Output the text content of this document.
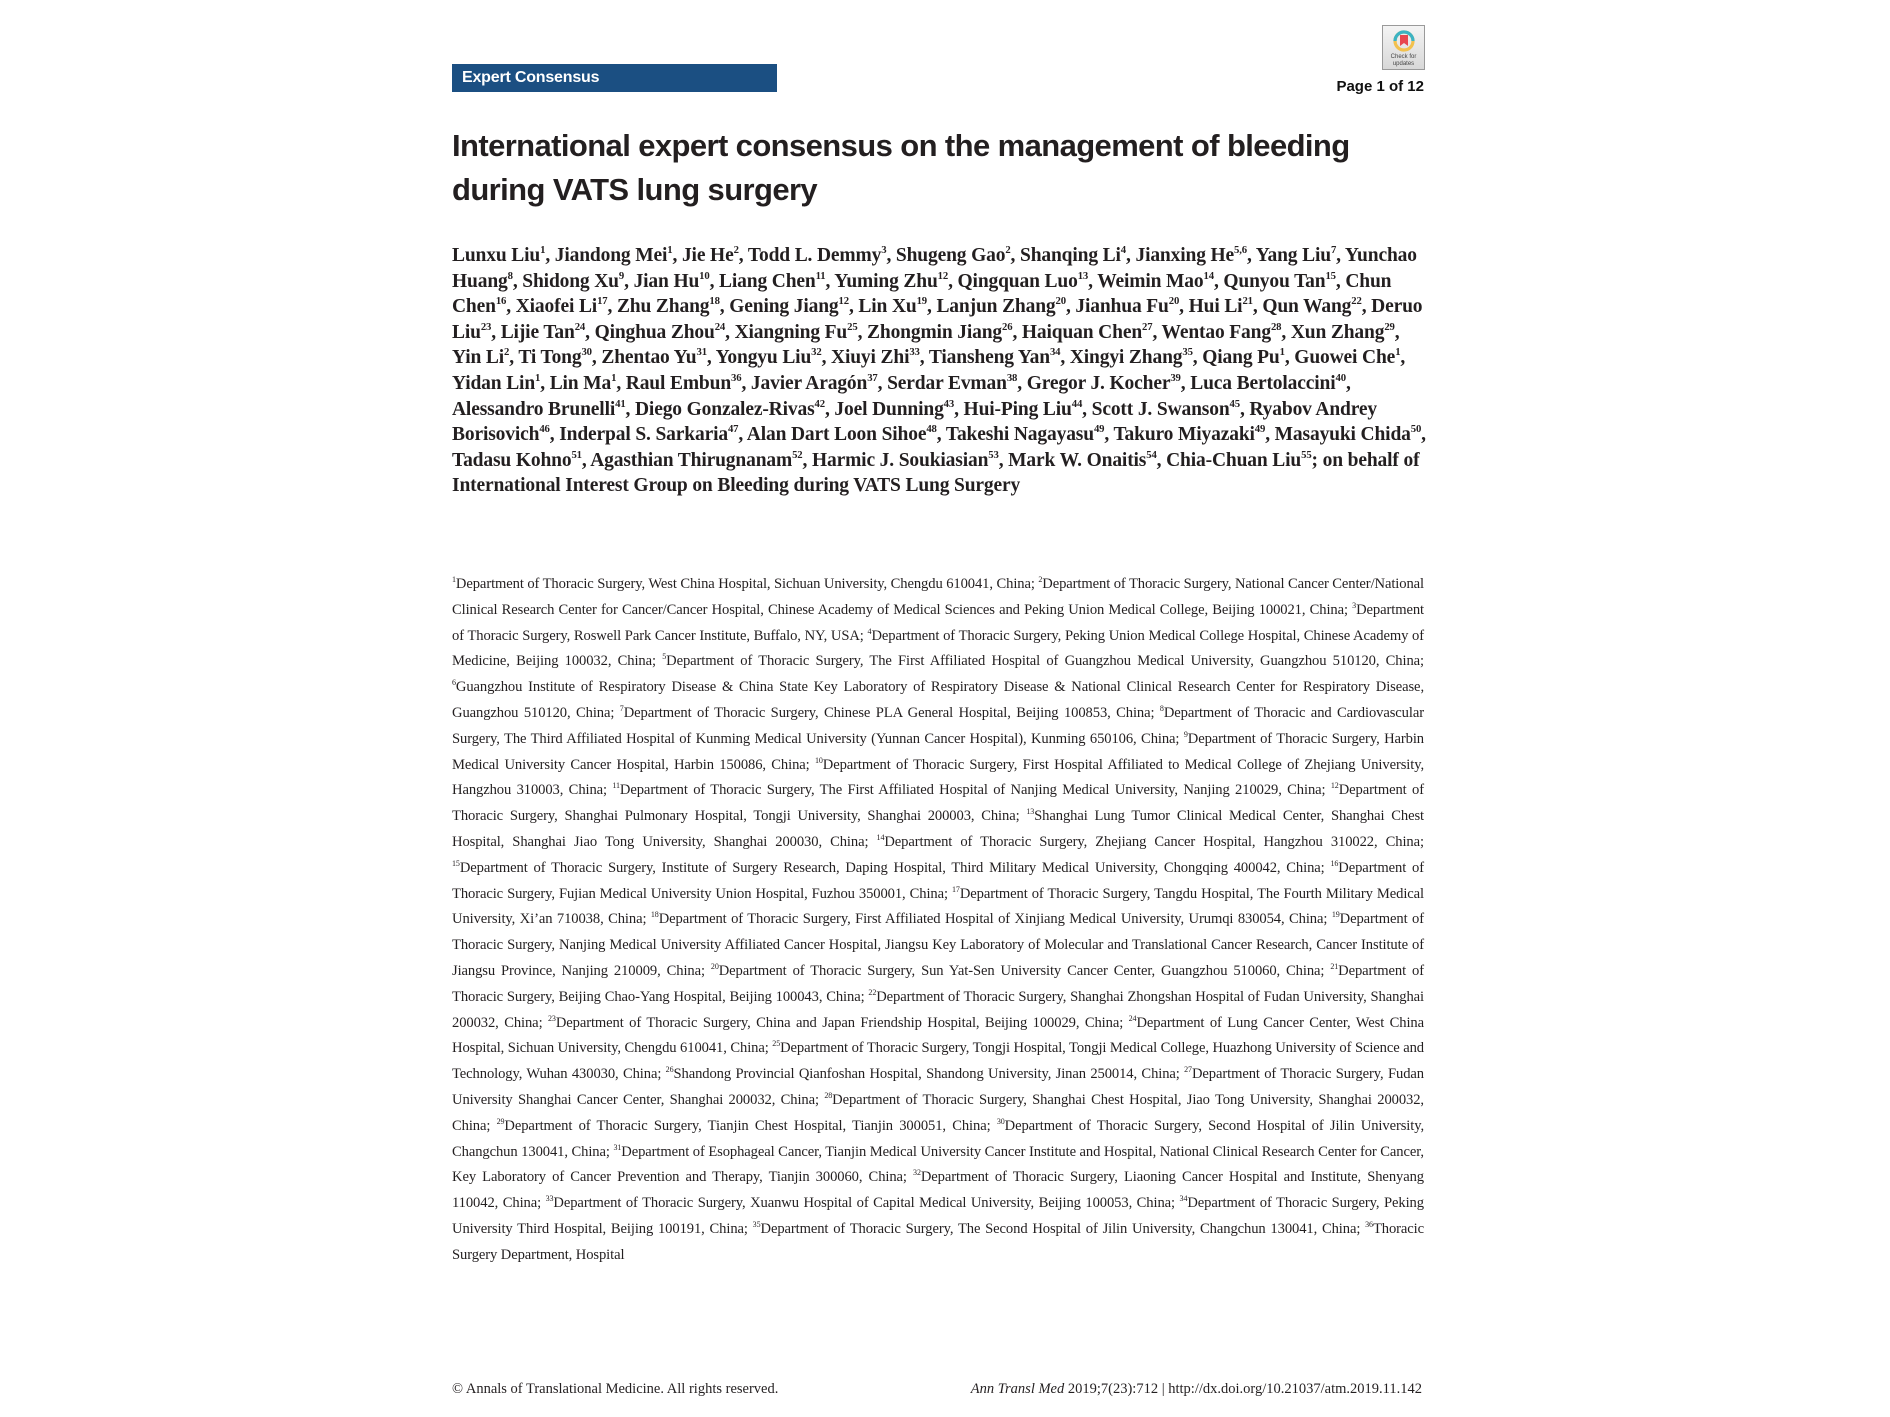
Expert Consensus
Check for
updates
Page 1 of 12
International expert consensus on the management of bleeding during VATS lung surgery

Lunxu Liu$^1$, Jiandong Mei$^1$, Jie He$^2$, Todd L. Demmy$^3$, Shugeng Gao$^2$, Shanqing Li$^4$, Jianxing He$^{5,6}$, Yang Liu$^7$, Yunchao Huang$^8$, Shidong Xu$^9$, Jian Hu$^{10}$, Liang Chen$^{11}$, Yuming Zhu$^{12}$, Qingquan Luo$^{13}$, Weimin Mao$^{14}$, Qunyou Tan$^{15}$, Chun Chen$^{16}$, Xiaofei Li$^{17}$, Zhu Zhang$^{18}$, Gening Jiang$^{12}$, Lin Xu$^{19}$, Lanjun Zhang$^{20}$, Jianhua Fu$^{20}$, Hui Li$^{21}$, Qun Wang$^{22}$, Deruo Liu$^{23}$, Lijie Tan$^{24}$, Qinghua Zhou$^{24}$, Xiangning Fu$^{25}$, Zhongmin Jiang$^{26}$, Haiquan Chen$^{27}$, Wentao Fang$^{28}$, Xun Zhang$^{29}$, Yin Li$^2$, Ti Tong$^{30}$, Zhentao Yu$^{31}$, Yongyu Liu$^{32}$, Xiuyi Zhi$^{33}$, Tiansheng Yan$^{34}$, Xingyi Zhang$^{35}$, Qiang Pu$^1$, Guowei Che$^1$, Yidan Lin$^1$, Lin Ma$^1$, Raul Embun$^{36}$, Javier Aragón$^{37}$, Serdar Evman$^{38}$, Gregor J. Kocher$^{39}$, Luca Bertolaccini$^{40}$, Alessandro Brunelli$^{41}$, Diego Gonzalez-Rivas$^{42}$, Joel Dunning$^{43}$, Hui-Ping Liu$^{44}$, Scott J. Swanson$^{45}$, Ryabov Andrey Borisovich$^{46}$, Inderpal S. Sarkaria$^{47}$, Alan Dart Loon Sihoe$^{48}$, Takeshi Nagayasu$^{49}$, Takuro Miyazaki$^{49}$, Masayuki Chida$^{50}$, Tadasu Kohno$^{51}$, Agasthian Thirugnanam$^{52}$, Harmic J. Soukiasian$^{53}$, Mark W. Onaitis$^{54}$, Chia-Chuan Liu$^{55}$; on behalf of International Interest Group on Bleeding during VATS Lung Surgery

$^1$Department of Thoracic Surgery, West China Hospital, Sichuan University, Chengdu 610041, China; $^2$Department of Thoracic Surgery, National Cancer Center/National Clinical Research Center for Cancer/Cancer Hospital, Chinese Academy of Medical Sciences and Peking Union Medical College, Beijing 100021, China; $^3$Department of Thoracic Surgery, Roswell Park Cancer Institute, Buffalo, NY, USA; $^4$Department of Thoracic Surgery, Peking Union Medical College Hospital, Chinese Academy of Medicine, Beijing 100032, China; $^5$Department of Thoracic Surgery, The First Affiliated Hospital of Guangzhou Medical University, Guangzhou 510120, China; $^6$Guangzhou Institute of Respiratory Disease & China State Key Laboratory of Respiratory Disease & National Clinical Research Center for Respiratory Disease, Guangzhou 510120, China; $^7$Department of Thoracic Surgery, Chinese PLA General Hospital, Beijing 100853, China; $^8$Department of Thoracic and Cardiovascular Surgery, The Third Affiliated Hospital of Kunming Medical University (Yunnan Cancer Hospital), Kunming 650106, China; $^9$Department of Thoracic Surgery, Harbin Medical University Cancer Hospital, Harbin 150086, China; $^{10}$Department of Thoracic Surgery, First Hospital Affiliated to Medical College of Zhejiang University, Hangzhou 310003, China; $^{11}$Department of Thoracic Surgery, The First Affiliated Hospital of Nanjing Medical University, Nanjing 210029, China; $^{12}$Department of Thoracic Surgery, Shanghai Pulmonary Hospital, Tongji University, Shanghai 200003, China; $^{13}$Shanghai Lung Tumor Clinical Medical Center, Shanghai Chest Hospital, Shanghai Jiao Tong University, Shanghai 200030, China; $^{14}$Department of Thoracic Surgery, Zhejiang Cancer Hospital, Hangzhou 310022, China; $^{15}$Department of Thoracic Surgery, Institute of Surgery Research, Daping Hospital, Third Military Medical University, Chongqing 400042, China; $^{16}$Department of Thoracic Surgery, Fujian Medical University Union Hospital, Fuzhou 350001, China; $^{17}$Department of Thoracic Surgery, Tangdu Hospital, The Fourth Military Medical University, Xi’an 710038, China; $^{18}$Department of Thoracic Surgery, First Affiliated Hospital of Xinjiang Medical University, Urumqi 830054, China; $^{19}$Department of Thoracic Surgery, Nanjing Medical University Affiliated Cancer Hospital, Jiangsu Key Laboratory of Molecular and Translational Cancer Research, Cancer Institute of Jiangsu Province, Nanjing 210009, China; $^{20}$Department of Thoracic Surgery, Sun Yat-Sen University Cancer Center, Guangzhou 510060, China; $^{21}$Department of Thoracic Surgery, Beijing Chao-Yang Hospital, Beijing 100043, China; $^{22}$Department of Thoracic Surgery, Shanghai Zhongshan Hospital of Fudan University, Shanghai 200032, China; $^{23}$Department of Thoracic Surgery, China and Japan Friendship Hospital, Beijing 100029, China; $^{24}$Department of Lung Cancer Center, West China Hospital, Sichuan University, Chengdu 610041, China; $^{25}$Department of Thoracic Surgery, Tongji Hospital, Tongji Medical College, Huazhong University of Science and Technology, Wuhan 430030, China; $^{26}$Shandong Provincial Qianfoshan Hospital, Shandong University, Jinan 250014, China; $^{27}$Department of Thoracic Surgery, Fudan University Shanghai Cancer Center, Shanghai 200032, China; $^{28}$Department of Thoracic Surgery, Shanghai Chest Hospital, Jiao Tong University, Shanghai 200032, China; $^{29}$Department of Thoracic Surgery, Tianjin Chest Hospital, Tianjin 300051, China; $^{30}$Department of Thoracic Surgery, Second Hospital of Jilin University, Changchun 130041, China; $^{31}$Department of Esophageal Cancer, Tianjin Medical University Cancer Institute and Hospital, National Clinical Research Center for Cancer, Key Laboratory of Cancer Prevention and Therapy, Tianjin 300060, China; $^{32}$Department of Thoracic Surgery, Liaoning Cancer Hospital and Institute, Shenyang 110042, China; $^{33}$Department of Thoracic Surgery, Xuanwu Hospital of Capital Medical University, Beijing 100053, China; $^{34}$Department of Thoracic Surgery, Peking University Third Hospital, Beijing 100191, China; $^{35}$Department of Thoracic Surgery, The Second Hospital of Jilin University, Changchun 130041, China; $^{36}$Thoracic Surgery Department, Hospital

© Annals of Translational Medicine. All rights reserved.	Ann Transl Med 2019;7(23):712 | http://dx.doi.org/10.21037/atm.2019.11.142
